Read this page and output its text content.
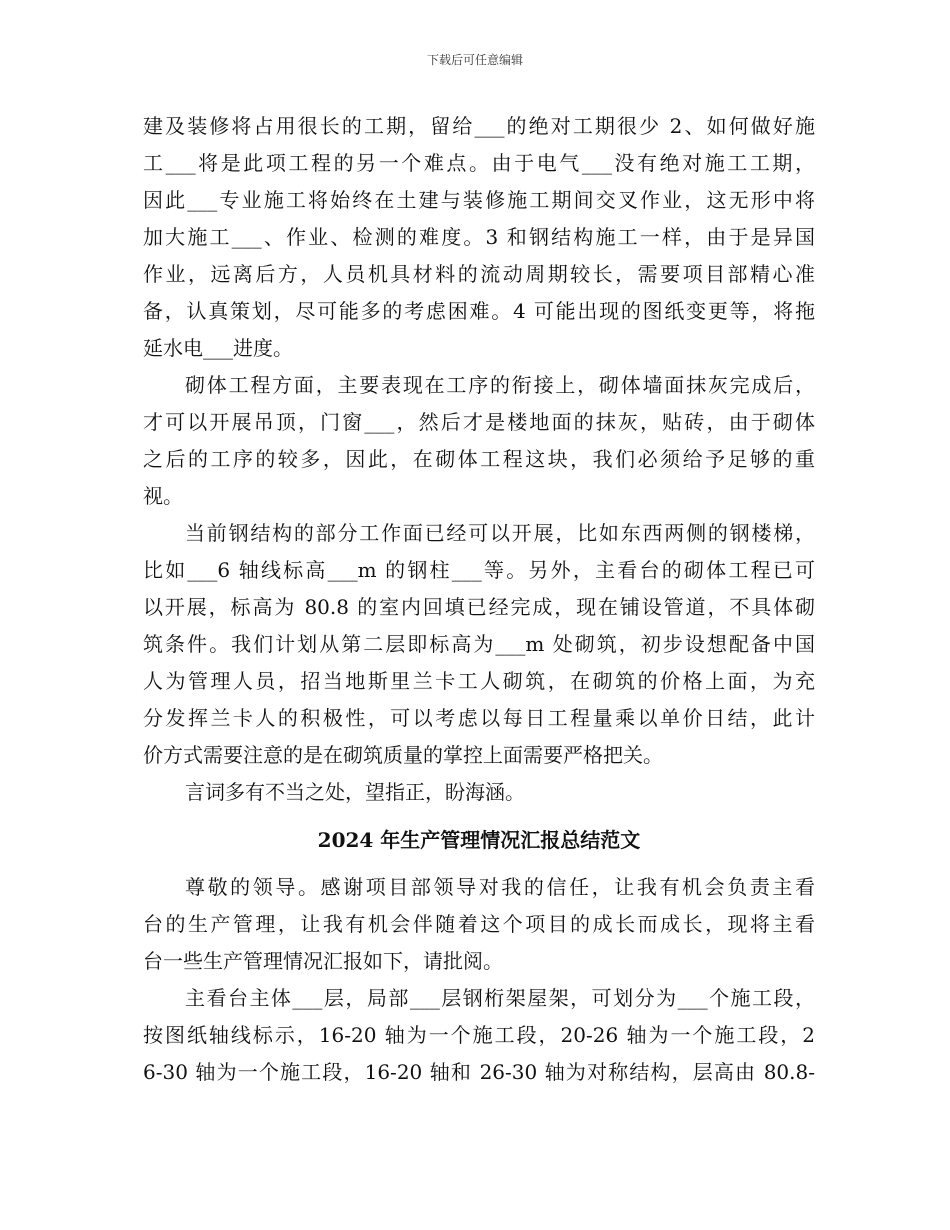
下载后可任意编辑
建及装修将占用很长的工期，留给___的绝对工期很少 2、如何做好施
工___将是此项工程的另一个难点。由于电气___没有绝对施工工期，
因此___专业施工将始终在土建与装修施工期间交叉作业，这无形中将
加大施工___、作业、检测的难度。3 和钢结构施工一样，由于是异国
作业，远离后方，人员机具材料的流动周期较长，需要项目部精心准
备，认真策划，尽可能多的考虑困难。4 可能出现的图纸变更等，将拖
延水电___进度。
砌体工程方面，主要表现在工序的衔接上，砌体墙面抹灰完成后，
才可以开展吊顶，门窗___，然后才是楼地面的抹灰，贴砖，由于砌体
之后的工序的较多，因此，在砌体工程这块，我们必须给予足够的重
视。
当前钢结构的部分工作面已经可以开展，比如东西两侧的钢楼梯，
比如___6 轴线标高___m 的钢柱___等。另外，主看台的砌体工程已可
以开展，标高为 80.8 的室内回填已经完成，现在铺设管道，不具体砌
筑条件。我们计划从第二层即标高为___m 处砌筑，初步设想配备中国
人为管理人员，招当地斯里兰卡工人砌筑，在砌筑的价格上面，为充
分发挥兰卡人的积极性，可以考虑以每日工程量乘以单价日结，此计
价方式需要注意的是在砌筑质量的掌控上面需要严格把关。
言词多有不当之处，望指正，盼海涵。
2024 年生产管理情况汇报总结范文
尊敬的领导。感谢项目部领导对我的信任，让我有机会负责主看
台的生产管理，让我有机会伴随着这个项目的成长而成长，现将主看
台一些生产管理情况汇报如下，请批阅。
主看台主体___层，局部___层钢桁架屋架，可划分为___个施工段，
按图纸轴线标示，16-20 轴为一个施工段，20-26 轴为一个施工段，2
6-30 轴为一个施工段，16-20 轴和 26-30 轴为对称结构，层高由 80.8-
